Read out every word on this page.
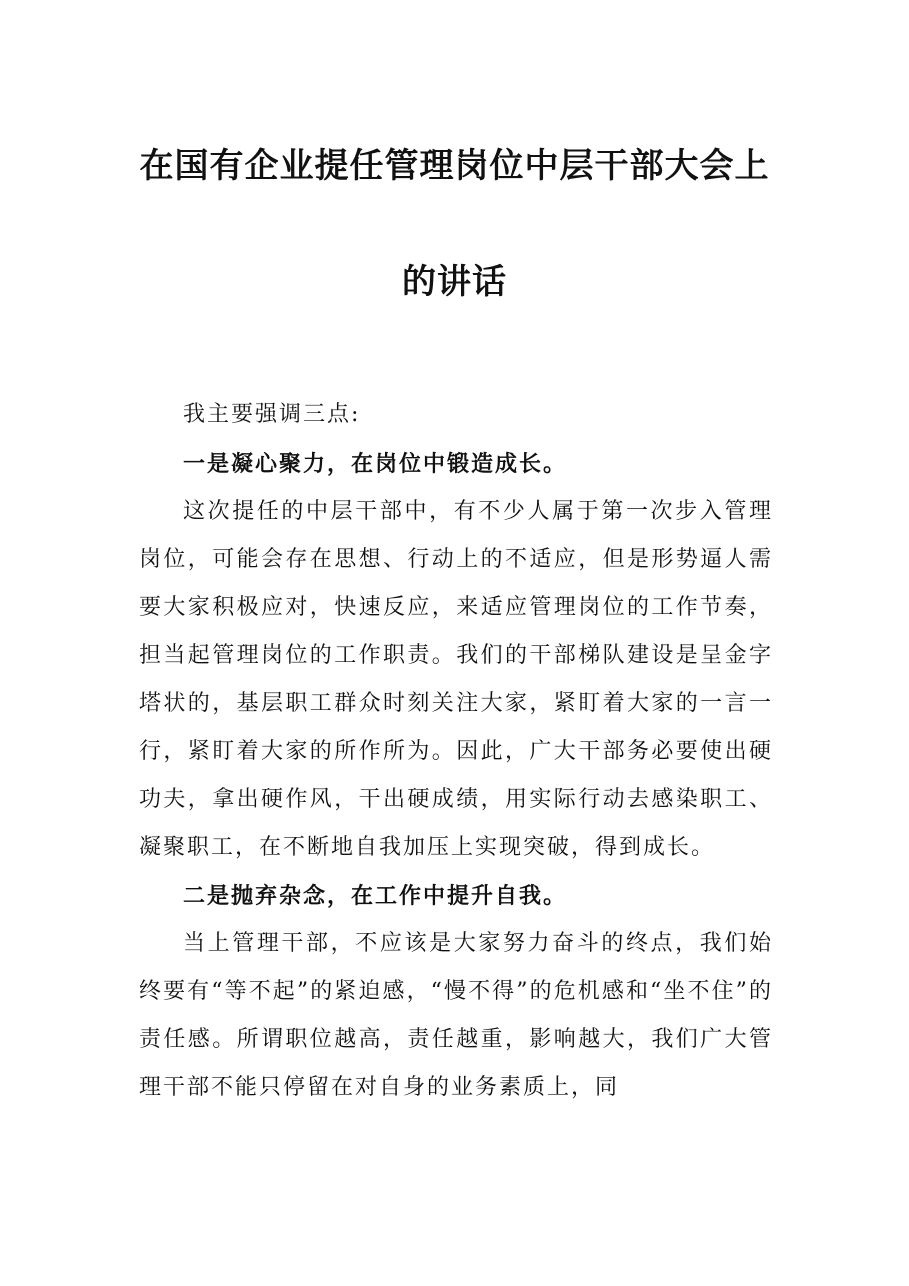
在国有企业提任管理岗位中层干部大会上
的讲话

我主要强调三点:

一是凝心聚力，在岗位中锻造成长。

这次提任的中层干部中，有不少人属于第一次步入管理岗位，可能会存在思想、行动上的不适应，但是形势逼人需要大家积极应对，快速反应，来适应管理岗位的工作节奏，担当起管理岗位的工作职责。我们的干部梯队建设是呈金字塔状的，基层职工群众时刻关注大家，紧盯着大家的一言一行，紧盯着大家的所作所为。因此，广大干部务必要使出硬功夫，拿出硬作风，干出硬成绩，用实际行动去感染职工、凝聚职工，在不断地自我加压上实现突破，得到成长。

二是抛弃杂念，在工作中提升自我。

当上管理干部，不应该是大家努力奋斗的终点，我们始终要有“等不起”的紧迫感，“慢不得”的危机感和“坐不住”的责任感。所谓职位越高，责任越重，影响越大，我们广大管理干部不能只停留在对自身的业务素质上，同
